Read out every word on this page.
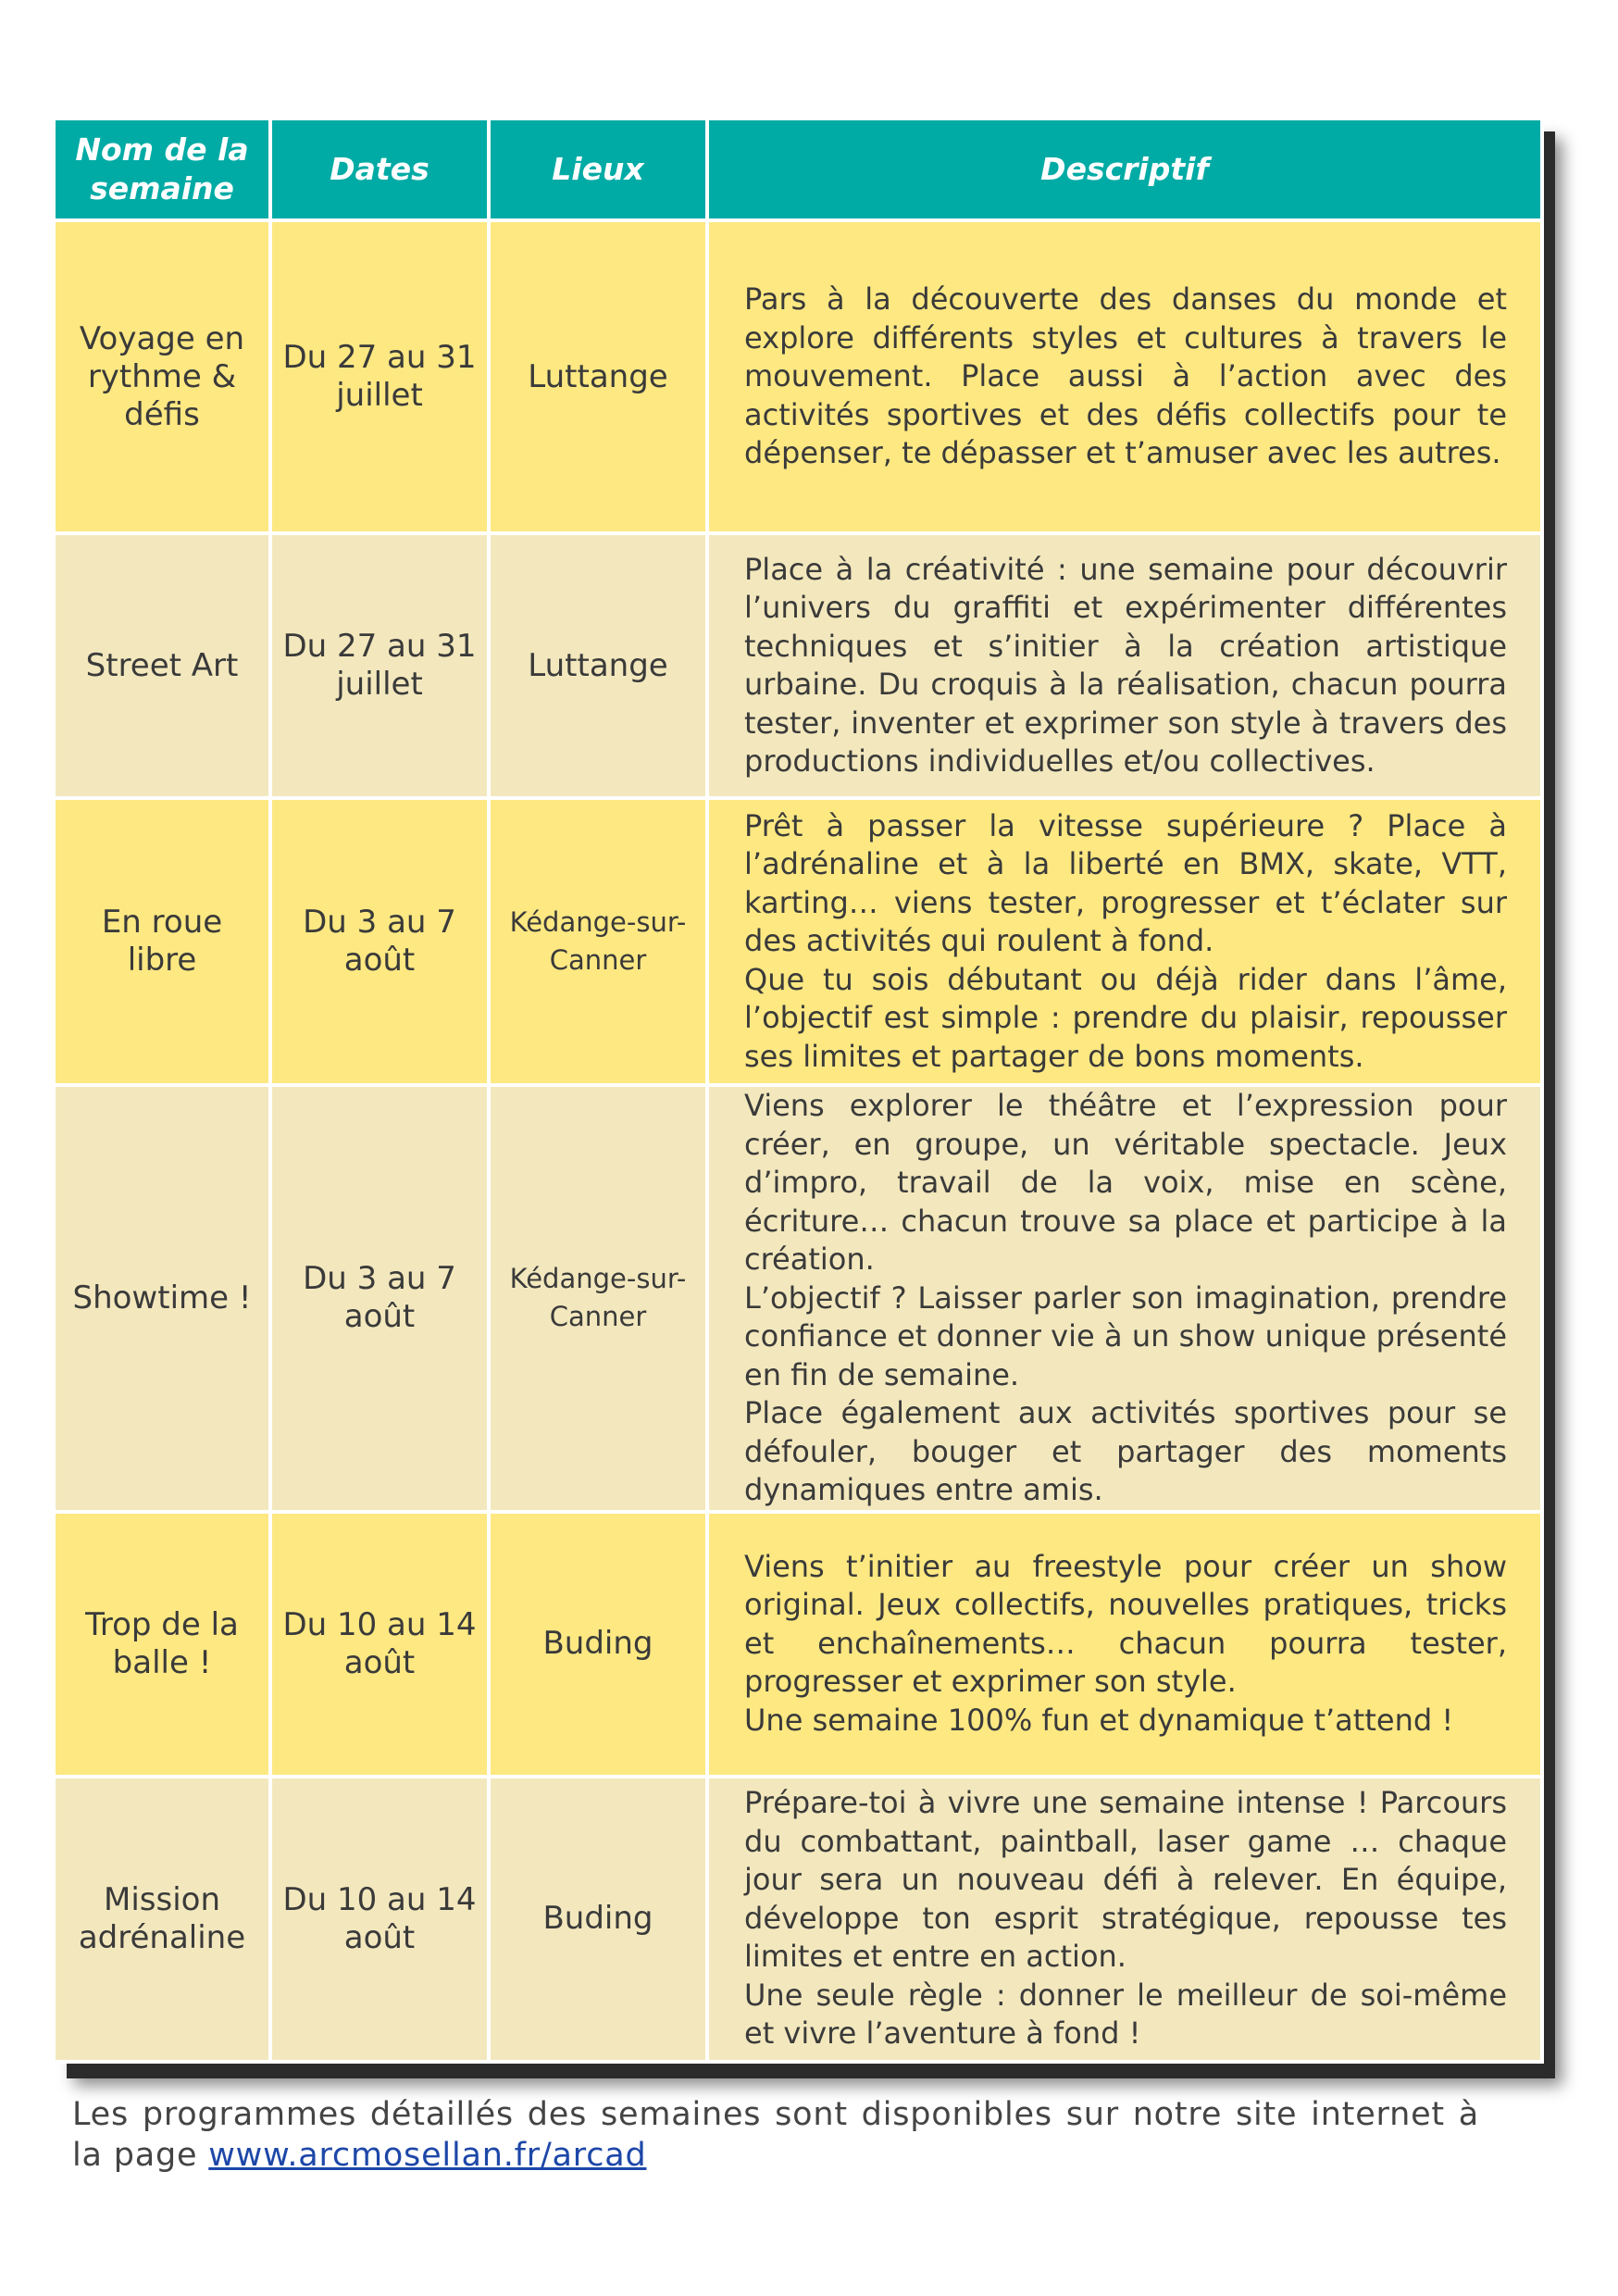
Nom de la semaine	Dates	Lieux	Descriptif
Voyage en rythme & défis	Du 27 au 31 juillet	Luttange	Pars à la découverte des danses du monde et explore différents styles et cultures à travers le mouvement. Place aussi à l’action avec des activités sportives et des défis collectifs pour te dépenser, te dépasser et t’amuser avec les autres.

Street Art	Du 27 au 31 juillet	Luttange	Place à la créativité : une semaine pour découvrir l’univers du graffiti et expérimenter différentes techniques et s’initier à la création artistique urbaine. Du croquis à la réalisation, chacun pourra tester, inventer et exprimer son style à travers des productions individuelles et/ou collectives.

En roue libre	Du 3 au 7 août	Kédange-sur-Canner	Prêt à passer la vitesse supérieure ? Place à l’adrénaline et à la liberté en BMX, skate, VTT, karting… viens tester, progresser et t’éclater sur des activités qui roulent à fond.
Que tu sois débutant ou déjà rider dans l’âme, l’objectif est simple : prendre du plaisir, repousser ses limites et partager de bons moments.

Showtime !	Du 3 au 7 août	Kédange-sur-Canner	Viens explorer le théâtre et l’expression pour créer, en groupe, un véritable spectacle. Jeux d’impro, travail de la voix, mise en scène, écriture… chacun trouve sa place et participe à la création.
L’objectif ? Laisser parler son imagination, prendre confiance et donner vie à un show unique présenté en fin de semaine.
Place également aux activités sportives pour se défouler, bouger et partager des moments dynamiques entre amis.

Trop de la balle !	Du 10 au 14 août	Buding	Viens t’initier au freestyle pour créer un show original. Jeux collectifs, nouvelles pratiques, tricks et enchaînements… chacun pourra tester, progresser et exprimer son style.
Une semaine 100% fun et dynamique t’attend !

Mission adrénaline	Du 10 au 14 août	Buding	Prépare-toi à vivre une semaine intense ! Parcours du combattant, paintball, laser game … chaque jour sera un nouveau défi à relever. En équipe, développe ton esprit stratégique, repousse tes limites et entre en action.
Une seule règle : donner le meilleur de soi-même et vivre l’aventure à fond !
Les programmes détaillés des semaines sont disponibles sur notre site internet à la page www.arcmosellan.fr/arcad
